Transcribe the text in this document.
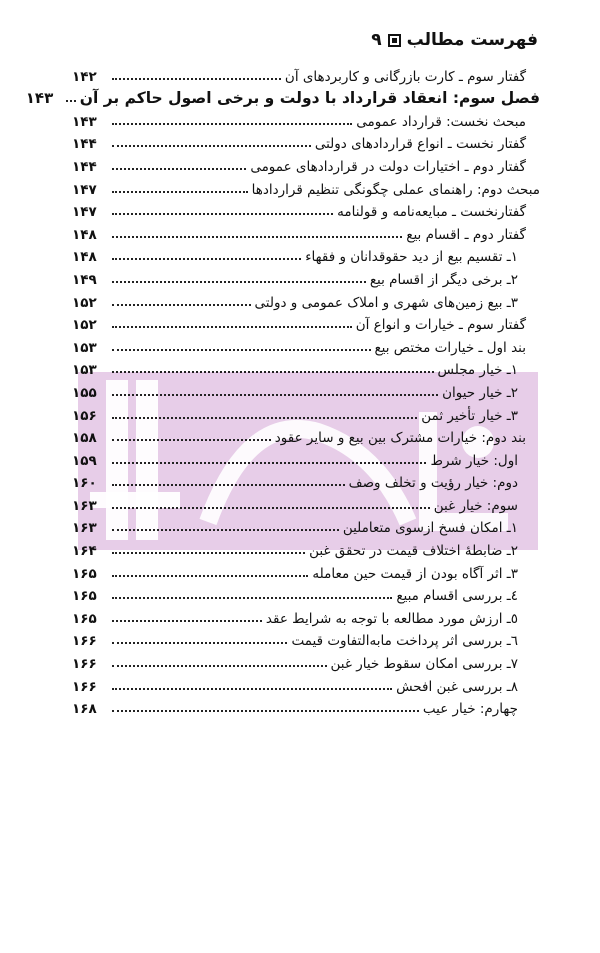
فهرست مطالب
۹
گفتار سوم ـ کارت بازرگانی و کاربردهای آن
۱۴۲
فصل سوم: انعقاد قرارداد با دولت و برخی اصول حاکم بر آن
۱۴۳
مبحث نخست: قرارداد عمومی
۱۴۳
گفتار نخست ـ انواع قراردادهای دولتی
۱۴۴
گفتار دوم ـ اختیارات دولت در قراردادهای عمومی
۱۴۴
مبحث دوم: راهنمای عملی چگونگی تنظیم قراردادها
۱۴۷
گفتارنخست ـ مبایعه‌نامه و قولنامه
۱۴۷
گفتار دوم ـ اقسام بیع
۱۴۸
۱ـ تقسیم بیع از دید حقوقدانان و فقهاء
۱۴۸
۲ـ برخی دیگر از اقسام بیع
۱۴۹
۳ـ بیع زمین‌های شهری و املاک عمومی و دولتی
۱۵۲
گفتار سوم ـ خیارات و انواع آن
۱۵۲
بند اول ـ خیارات مختص بیع
۱۵۳
۱ـ خیار مجلس
۱۵۳
۲ـ خیار حیوان
۱۵۵
۳ـ خیار تأخیر ثمن
۱۵۶
بند دوم: خیارات مشترک بین بیع و سایر عقود
۱۵۸
اول: خیار شرط
۱۵۹
دوم: خیار رؤیت و تخلف وصف
۱۶۰
سوم: خیار غبن
۱۶۳
۱ـ امکان فسخ ازسوی متعاملین
۱۶۳
۲ـ ضابطهٔ اختلاف قیمت در تحقق غبن
۱۶۴
۳ـ اثر آگاه بودن از قیمت حین معامله
۱۶۵
٤ـ بررسی اقسام مبیع
۱۶۵
٥ـ ارزش مورد مطالعه با توجه به شرایط عقد
۱۶۵
٦ـ بررسی اثر پرداخت مابه‌التفاوت قیمت
۱۶۶
۷ـ بررسی امکان سقوط خیار غبن
۱۶۶
۸ـ بررسی غبن افحش
۱۶۶
چهارم: خیار عیب
۱۶۸
